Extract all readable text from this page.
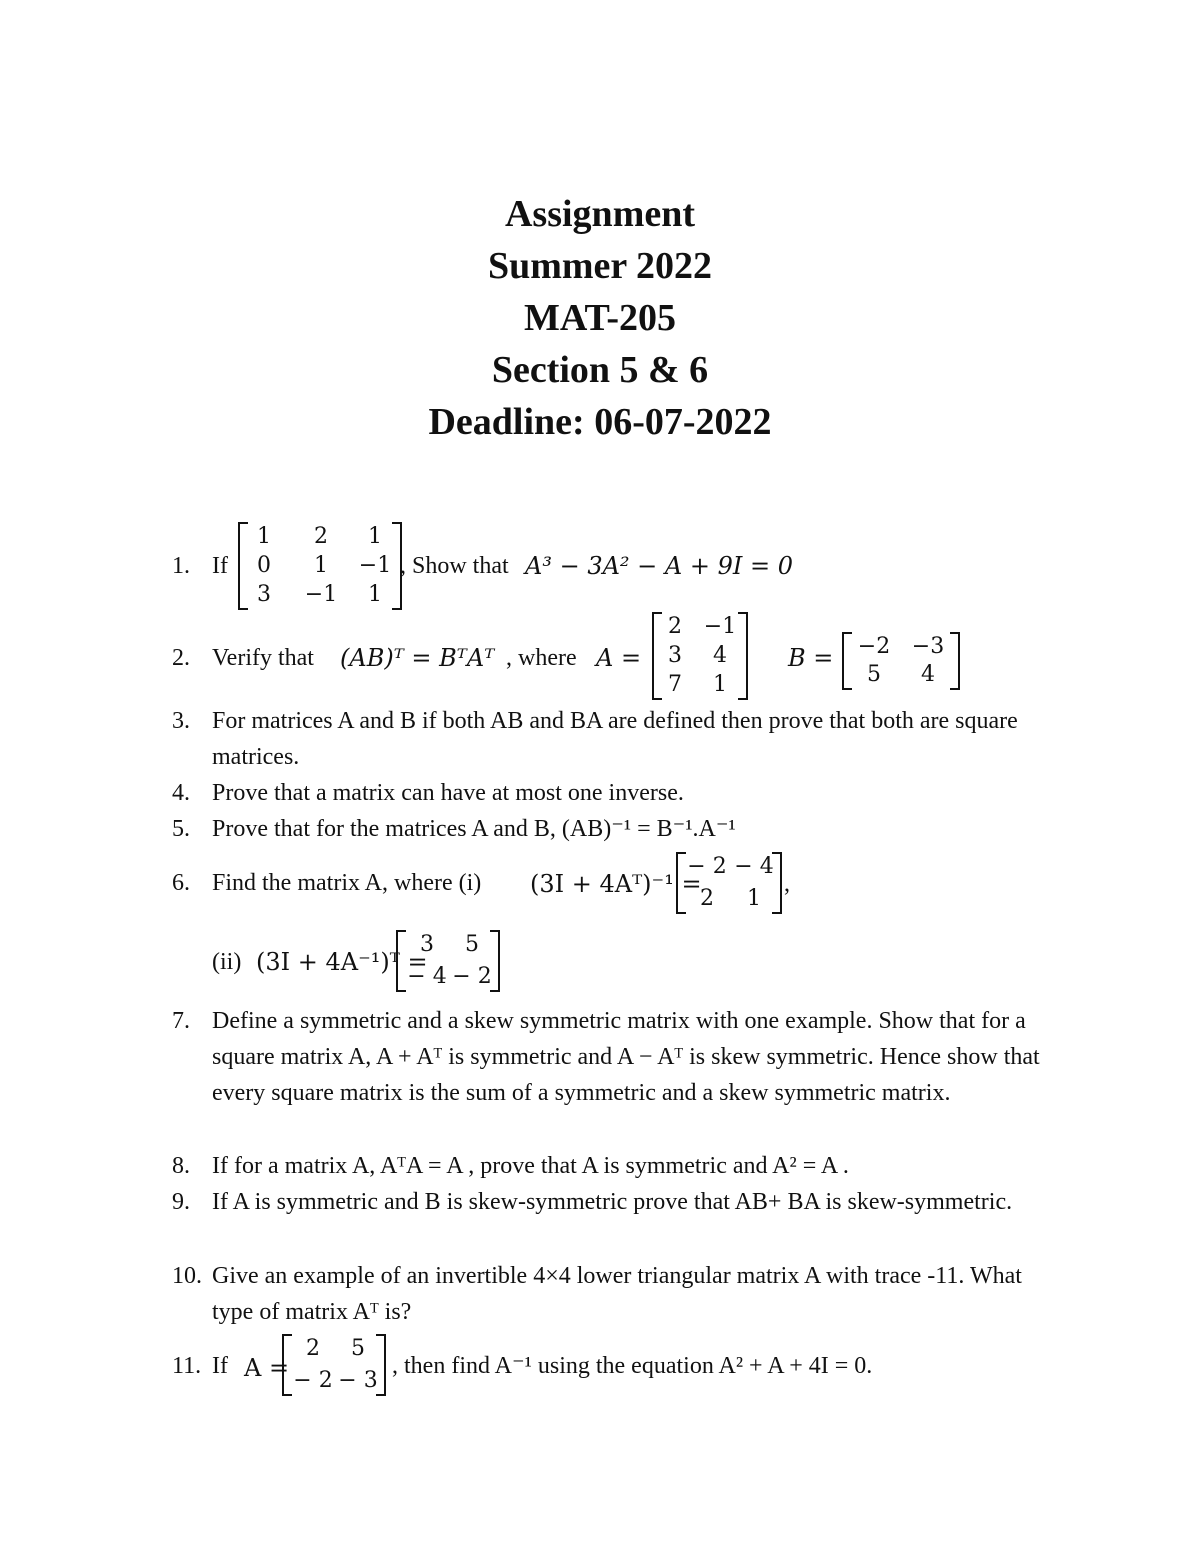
Assignment
Summer 2022
MAT-205
Section 5 & 6
Deadline: 06-07-2022
1. If
1	2	1
0	1	−1
3	−1	1
, Show that A³ − 3A² − A + 9I = 0
2. Verify that (AB)ᵀ = BᵀAᵀ , where A =
2 −1
3	4
7	1
B = −2 −3
5	4
3. For matrices A and B if both AB and BA are defined then prove that both are square matrices.
4. Prove that a matrix can have at most one inverse.
5. Prove that for the matrices A and B, (AB)⁻¹ = B⁻¹.A⁻¹
6. Find the matrix A, where (i) (3I + 4Aᵀ)⁻¹ =
− 2 − 4
2	1
,
(ii) (3I + 4A⁻¹)ᵀ =
3	5
− 4 − 2
7. Define a symmetric and a skew symmetric matrix with one example. Show that for a square matrix A, A + Aᵀ is symmetric and A − Aᵀ is skew symmetric. Hence show that every square matrix is the sum of a symmetric and a skew symmetric matrix.
8. If for a matrix A, AᵀA = A , prove that A is symmetric and A² = A .
9. If A is symmetric and B is skew-symmetric prove that AB+ BA is skew-symmetric.
10. Give an example of an invertible 4×4 lower triangular matrix A with trace -11. What type of matrix Aᵀ is?
11. If A =
2	5
− 2 − 3
, then find A⁻¹ using the equation A² + A + 4I = 0.
